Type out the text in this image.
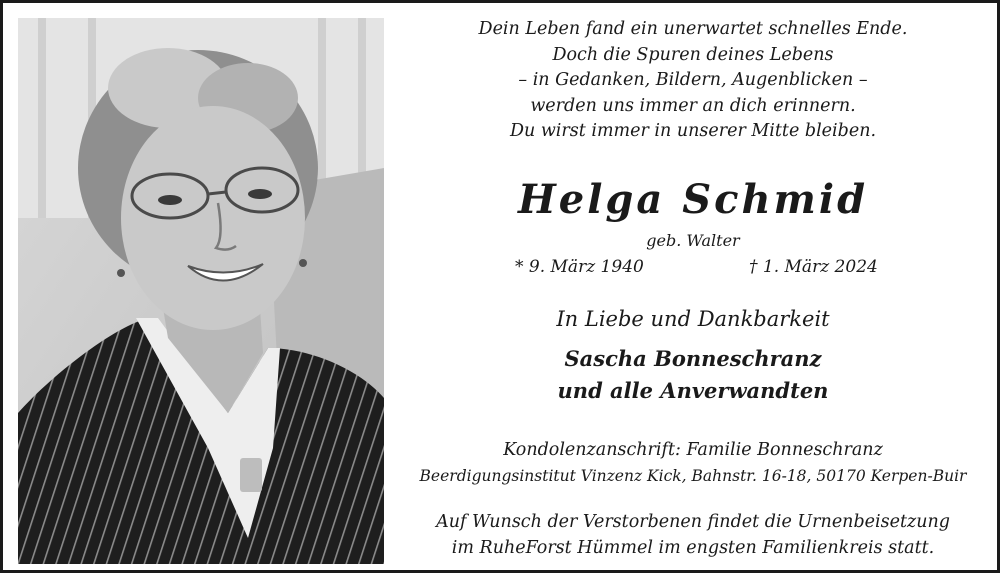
Dein Leben fand ein unerwartet schnelles Ende.
Doch die Spuren deines Lebens
– in Gedanken, Bildern, Augenblicken –
werden uns immer an dich erinnern.
Du wirst immer in unserer Mitte bleiben.
Helga Schmid
geb. Walter
* 9. März 1940	† 1. März 2024
In Liebe und Dankbarkeit
Sascha Bonneschranz
und alle Anverwandten
Kondolenzanschrift: Familie Bonneschranz
Beerdigungsinstitut Vinzenz Kick, Bahnstr. 16-18, 50170 Kerpen-Buir
Auf Wunsch der Verstorbenen findet die Urnenbeisetzung
im RuheForst Hümmel im engsten Familienkreis statt.
